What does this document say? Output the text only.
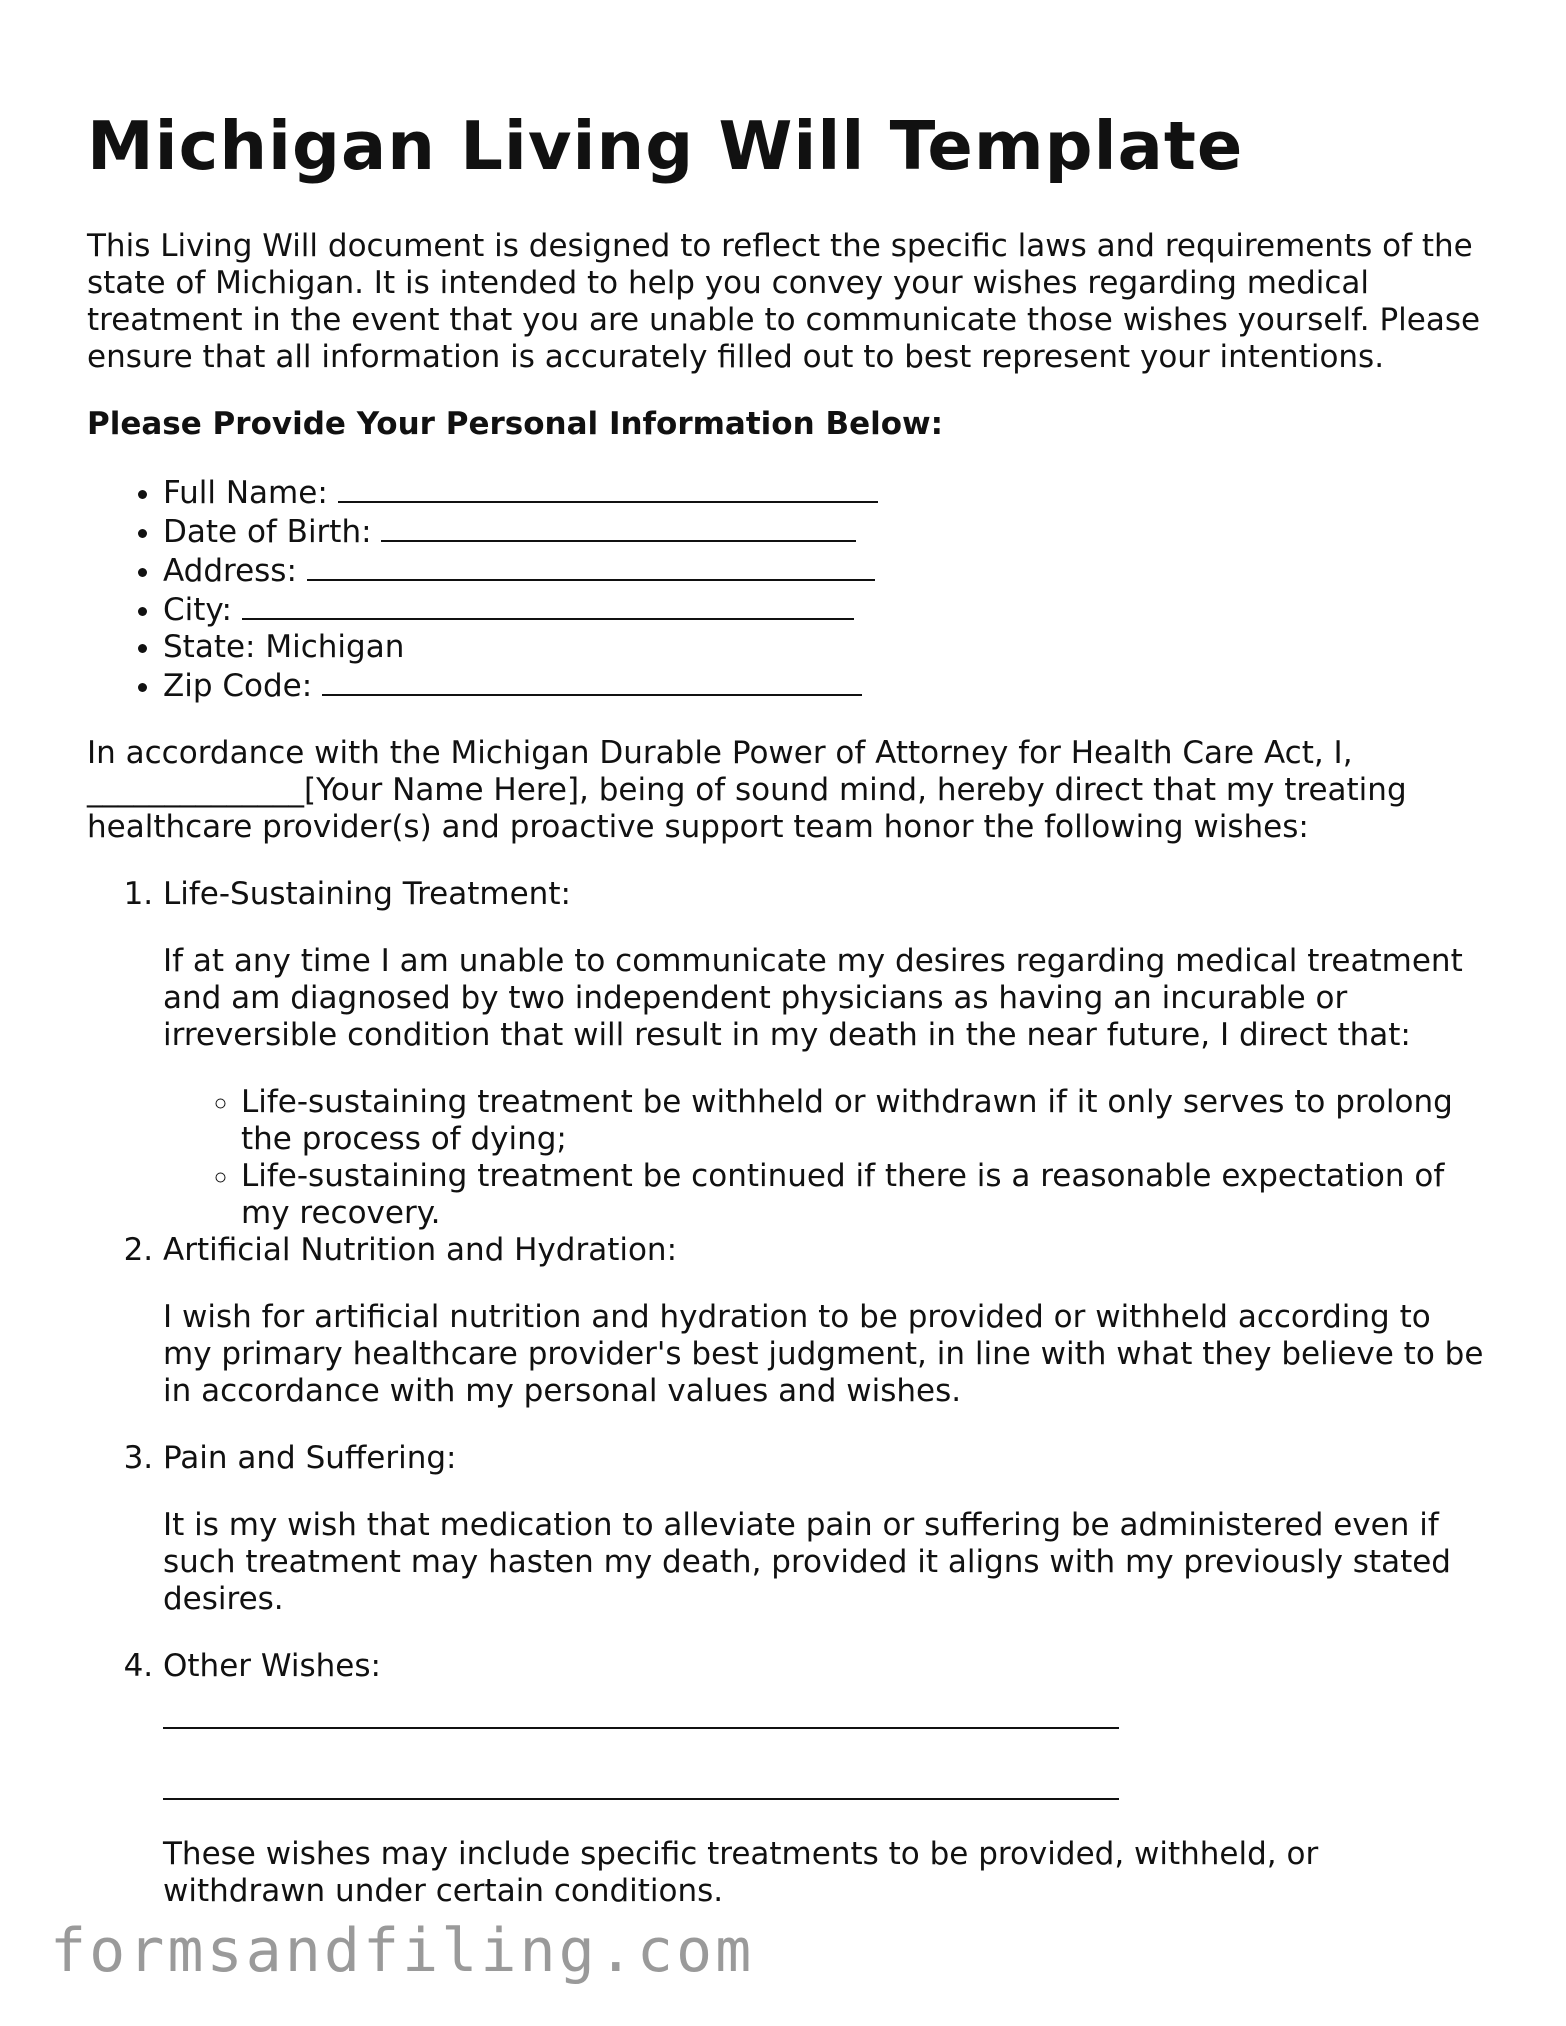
Michigan Living Will Template

This Living Will document is designed to reflect the specific laws and requirements of the state of Michigan. It is intended to help you convey your wishes regarding medical treatment in the event that you are unable to communicate those wishes yourself. Please ensure that all information is accurately filled out to best represent your intentions.

Please Provide Your Personal Information Below:

• Full Name:
• Date of Birth:
• Address:
• City:
• State: Michigan
• Zip Code:

In accordance with the Michigan Durable Power of Attorney for Health Care Act, I,
______________[Your Name Here], being of sound mind, hereby direct that my treating healthcare provider(s) and proactive support team honor the following wishes:

1. Life-Sustaining Treatment:

If at any time I am unable to communicate my desires regarding medical treatment and am diagnosed by two independent physicians as having an incurable or irreversible condition that will result in my death in the near future, I direct that:

◦ Life-sustaining treatment be withheld or withdrawn if it only serves to prolong the process of dying;
◦ Life-sustaining treatment be continued if there is a reasonable expectation of my recovery.
2. Artificial Nutrition and Hydration:

I wish for artificial nutrition and hydration to be provided or withheld according to my primary healthcare provider's best judgment, in line with what they believe to be in accordance with my personal values and wishes.

3. Pain and Suffering:

It is my wish that medication to alleviate pain or suffering be administered even if such treatment may hasten my death, provided it aligns with my previously stated desires.

4. Other Wishes:

These wishes may include specific treatments to be provided, withheld, or withdrawn under certain conditions.

formsandfiling.com
